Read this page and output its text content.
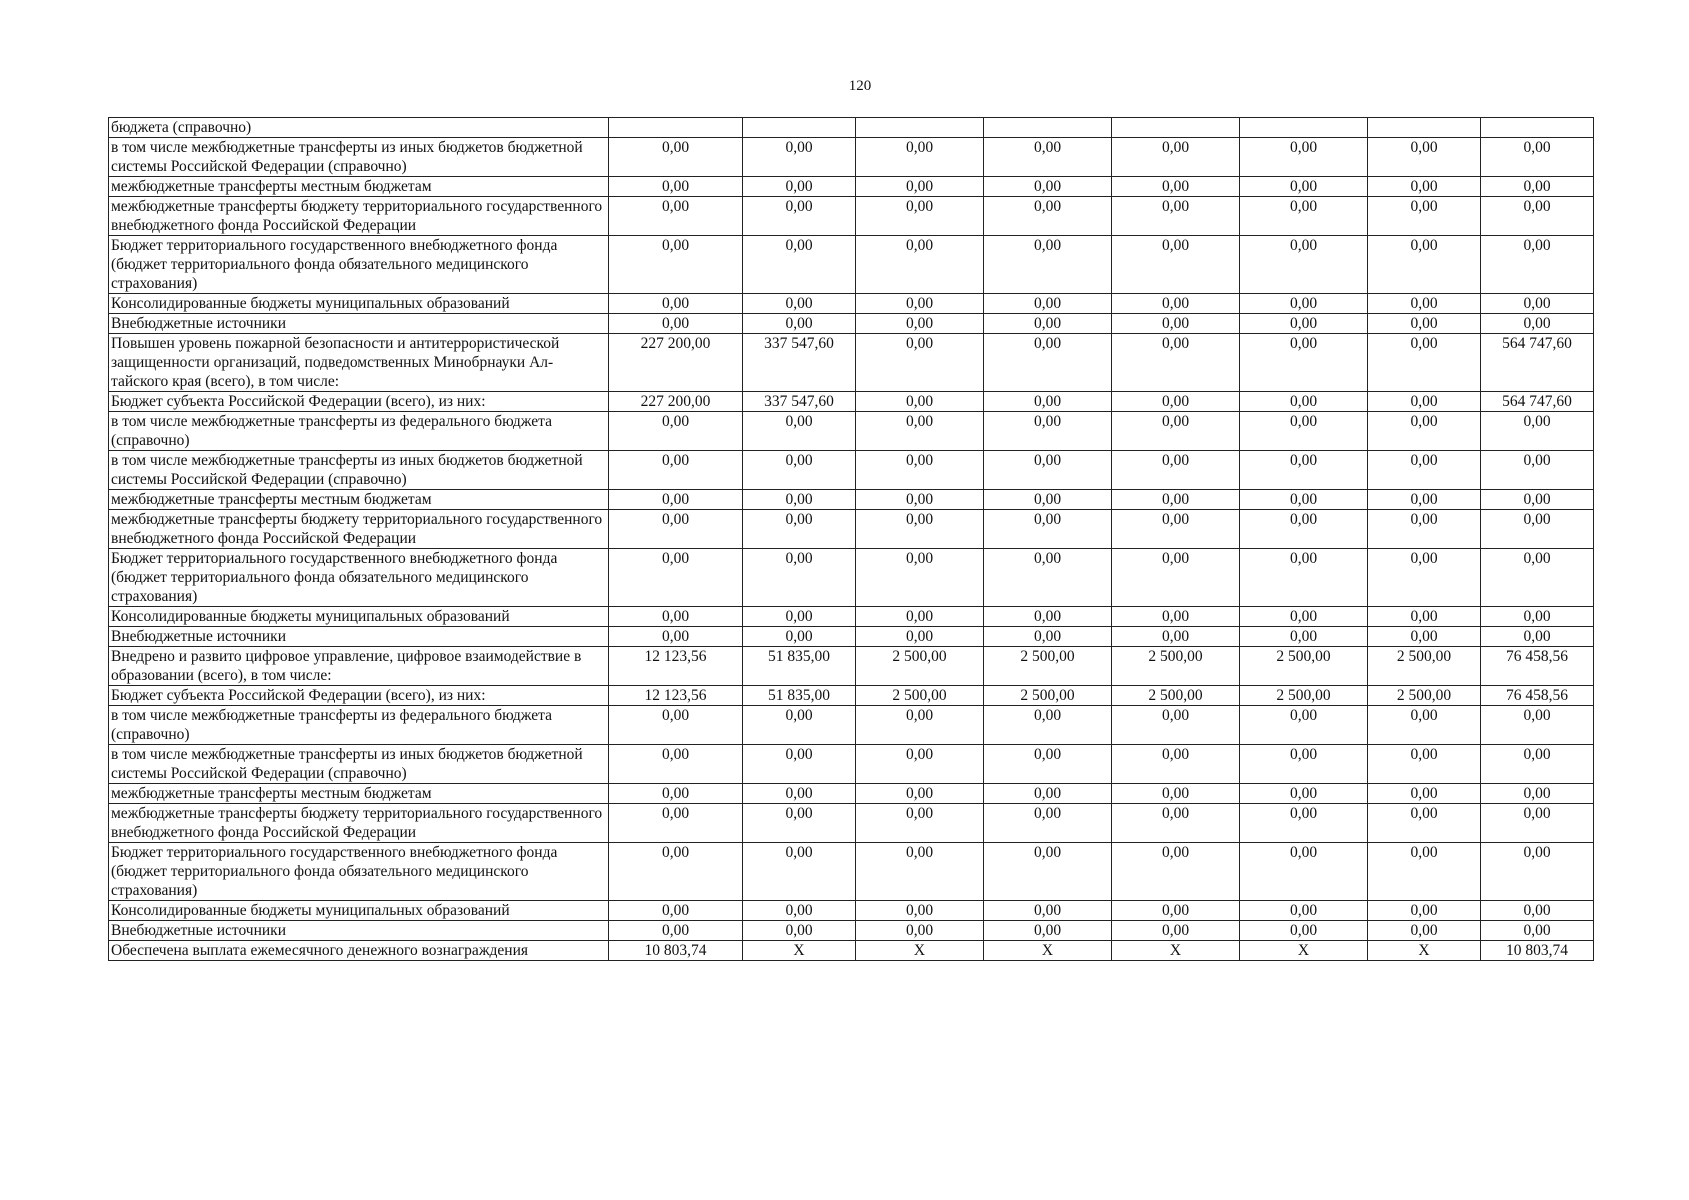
120
бюджета (справочно)								
в том числе межбюджетные трансферты из иных бюджетов бюджетной системы Российской Федерации (справочно)	0,00	0,00	0,00	0,00	0,00	0,00	0,00	0,00
межбюджетные трансферты местным бюджетам	0,00	0,00	0,00	0,00	0,00	0,00	0,00	0,00
межбюджетные трансферты бюджету территориального государственного внебюджетного фонда Российской Федерации	0,00	0,00	0,00	0,00	0,00	0,00	0,00	0,00
Бюджет территориального государственного внебюджетного фонда (бюджет территориального фонда обязательного медицинского страхования)	0,00	0,00	0,00	0,00	0,00	0,00	0,00	0,00
Консолидированные бюджеты муниципальных образований	0,00	0,00	0,00	0,00	0,00	0,00	0,00	0,00
Внебюджетные источники	0,00	0,00	0,00	0,00	0,00	0,00	0,00	0,00
Повышен уровень пожарной безопасности и антитеррористической защищенности организаций, подведомственных Минобрнауки Ал-тайского края (всего), в том числе:	227 200,00	337 547,60	0,00	0,00	0,00	0,00	0,00	564 747,60
Бюджет субъекта Российской Федерации (всего), из них:	227 200,00	337 547,60	0,00	0,00	0,00	0,00	0,00	564 747,60
в том числе межбюджетные трансферты из федерального бюджета (справочно)	0,00	0,00	0,00	0,00	0,00	0,00	0,00	0,00
в том числе межбюджетные трансферты из иных бюджетов бюджетной системы Российской Федерации (справочно)	0,00	0,00	0,00	0,00	0,00	0,00	0,00	0,00
межбюджетные трансферты местным бюджетам	0,00	0,00	0,00	0,00	0,00	0,00	0,00	0,00
межбюджетные трансферты бюджету территориального государственного внебюджетного фонда Российской Федерации	0,00	0,00	0,00	0,00	0,00	0,00	0,00	0,00
Бюджет территориального государственного внебюджетного фонда (бюджет территориального фонда обязательного медицинского страхования)	0,00	0,00	0,00	0,00	0,00	0,00	0,00	0,00
Консолидированные бюджеты муниципальных образований	0,00	0,00	0,00	0,00	0,00	0,00	0,00	0,00
Внебюджетные источники	0,00	0,00	0,00	0,00	0,00	0,00	0,00	0,00
Внедрено и развито цифровое управление, цифровое взаимодействие в образовании (всего), в том числе:	12 123,56	51 835,00	2 500,00	2 500,00	2 500,00	2 500,00	2 500,00	76 458,56
Бюджет субъекта Российской Федерации (всего), из них:	12 123,56	51 835,00	2 500,00	2 500,00	2 500,00	2 500,00	2 500,00	76 458,56
в том числе межбюджетные трансферты из федерального бюджета (справочно)	0,00	0,00	0,00	0,00	0,00	0,00	0,00	0,00
в том числе межбюджетные трансферты из иных бюджетов бюджетной системы Российской Федерации (справочно)	0,00	0,00	0,00	0,00	0,00	0,00	0,00	0,00
межбюджетные трансферты местным бюджетам	0,00	0,00	0,00	0,00	0,00	0,00	0,00	0,00
межбюджетные трансферты бюджету территориального государственного внебюджетного фонда Российской Федерации	0,00	0,00	0,00	0,00	0,00	0,00	0,00	0,00
Бюджет территориального государственного внебюджетного фонда (бюджет территориального фонда обязательного медицинского страхования)	0,00	0,00	0,00	0,00	0,00	0,00	0,00	0,00
Консолидированные бюджеты муниципальных образований	0,00	0,00	0,00	0,00	0,00	0,00	0,00	0,00
Внебюджетные источники	0,00	0,00	0,00	0,00	0,00	0,00	0,00	0,00
Обеспечена выплата ежемесячного денежного вознаграждения	10 803,74	X	X	X	X	X	X	10 803,74
